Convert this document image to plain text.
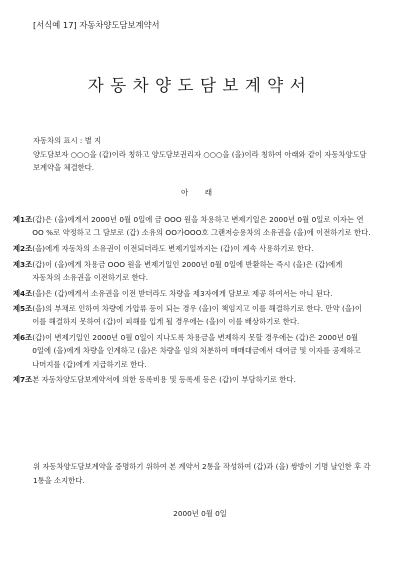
[서식예 17] 자동차양도담보계약서
자동차양도담보계약서

자동차의 표시 : 별 지

양도담보자 ○○○을 (갑)이라 칭하고 양도담보권리자 ○○○을 (을)이라 칭하여 아래와 같이 자동차양도담보계약을 체결한다.

아 래
제1조 (갑)은 (을)에게서 2000년 0월 0일에 금 OOO 원을 차용하고 변제기일은 2000년 0월 0일로 이자는 연 OO %로 약정하고 그 담보로 (갑) 소유의 OO가OOO호 그랜저승용차의 소유권을 (을)에 이전하기로 한다.

제2조 (을)에게 자동차의 소유권이 이전되더라도 변제기일까지는 (갑)이 계속 사용하기로 한다.

제3조 (갑)이 (을)에게 차용금 OOO 원을 변제기일인 2000년 0월 0일에 반환하는 즉시 (을)은 (갑)에게 자동차의 소유권을 이전하기로 한다.

제4조 (을)은 (갑)에게서 소유권을 이전 받더라도 차량을 제3자에게 담보로 제공 하여서는 아니 된다.

제5조 (을)의 부채로 인하여 차량에 가압류 등이 되는 경우 (을)이 책임지고 이를 해결하기로 한다. 만약 (을)이 이를 해결하지 못하여 (갑)이 피해를 입게 될 경우에는 (을)이 이를 배상하기로 한다.

제6조 (갑)이 변제기일인 2000년 0월 0일이 지나도록 차용금을 변제하지 못할 경우에는 (갑)은 2000년 0월 0일에 (을)에게 차량을 인계하고 (을)은 차량을 임의 처분하여 매매대금에서 대여금 및 이자를 공제하고 나머지를 (갑)에게 지급하기로 한다.

제7조 본 자동차양도담보계약서에 의한 등록비용 및 등록세 등은 (갑)이 부담하기로 한다.

위 자동차양도담보계약을 증명하기 위하여 본 계약서 2통을 작성하여 (갑)과 (을) 쌍방이 기명 날인한 후 각 1통을 소지한다.

2000년 0월 0일
